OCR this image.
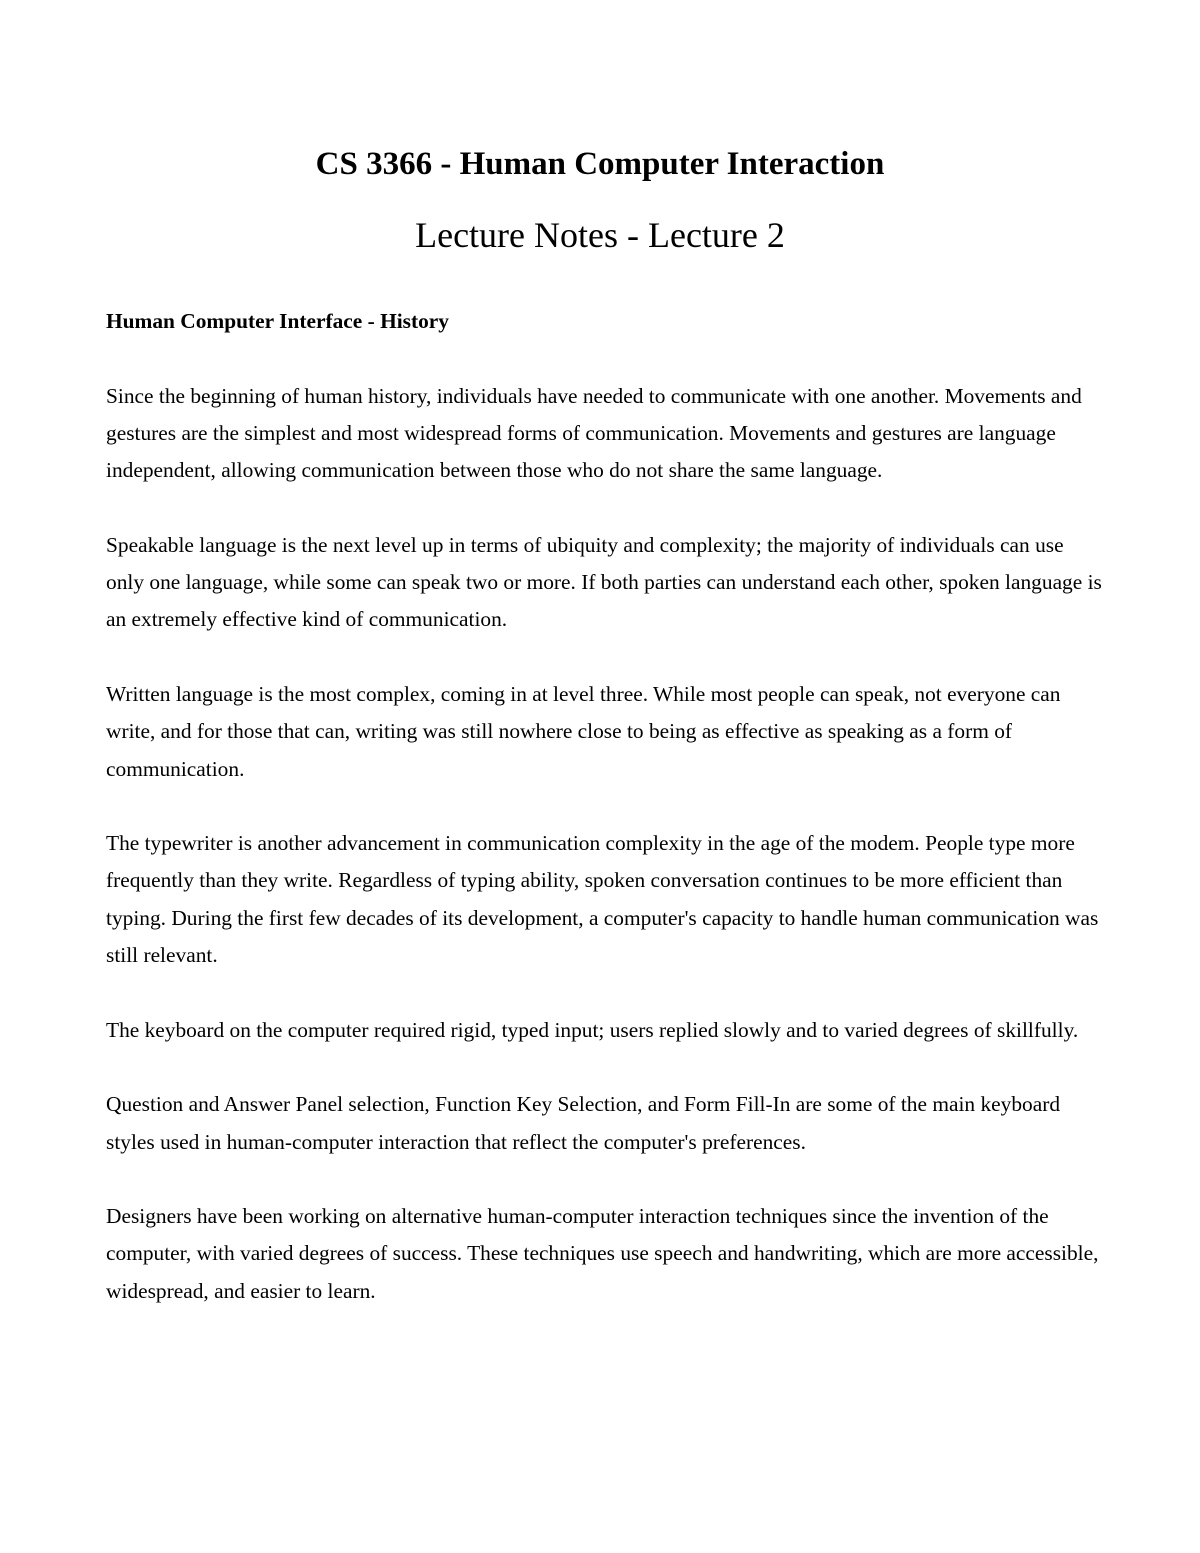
CS 3366 - Human Computer Interaction
Lecture Notes - Lecture 2

Human Computer Interface - History

Since the beginning of human history, individuals have needed to communicate with one another. Movements and gestures are the simplest and most widespread forms of communication. Movements and gestures are language independent, allowing communication between those who do not share the same language.

Speakable language is the next level up in terms of ubiquity and complexity; the majority of individuals can use only one language, while some can speak two or more. If both parties can understand each other, spoken language is an extremely effective kind of communication.

Written language is the most complex, coming in at level three. While most people can speak, not everyone can write, and for those that can, writing was still nowhere close to being as effective as speaking as a form of communication.

The typewriter is another advancement in communication complexity in the age of the modem. People type more frequently than they write. Regardless of typing ability, spoken conversation continues to be more efficient than typing. During the first few decades of its development, a computer's capacity to handle human communication was still relevant.

The keyboard on the computer required rigid, typed input; users replied slowly and to varied degrees of skillfully.

Question and Answer Panel selection, Function Key Selection, and Form Fill-In are some of the main keyboard styles used in human-computer interaction that reflect the computer's preferences.

Designers have been working on alternative human-computer interaction techniques since the invention of the computer, with varied degrees of success. These techniques use speech and handwriting, which are more accessible, widespread, and easier to learn.
